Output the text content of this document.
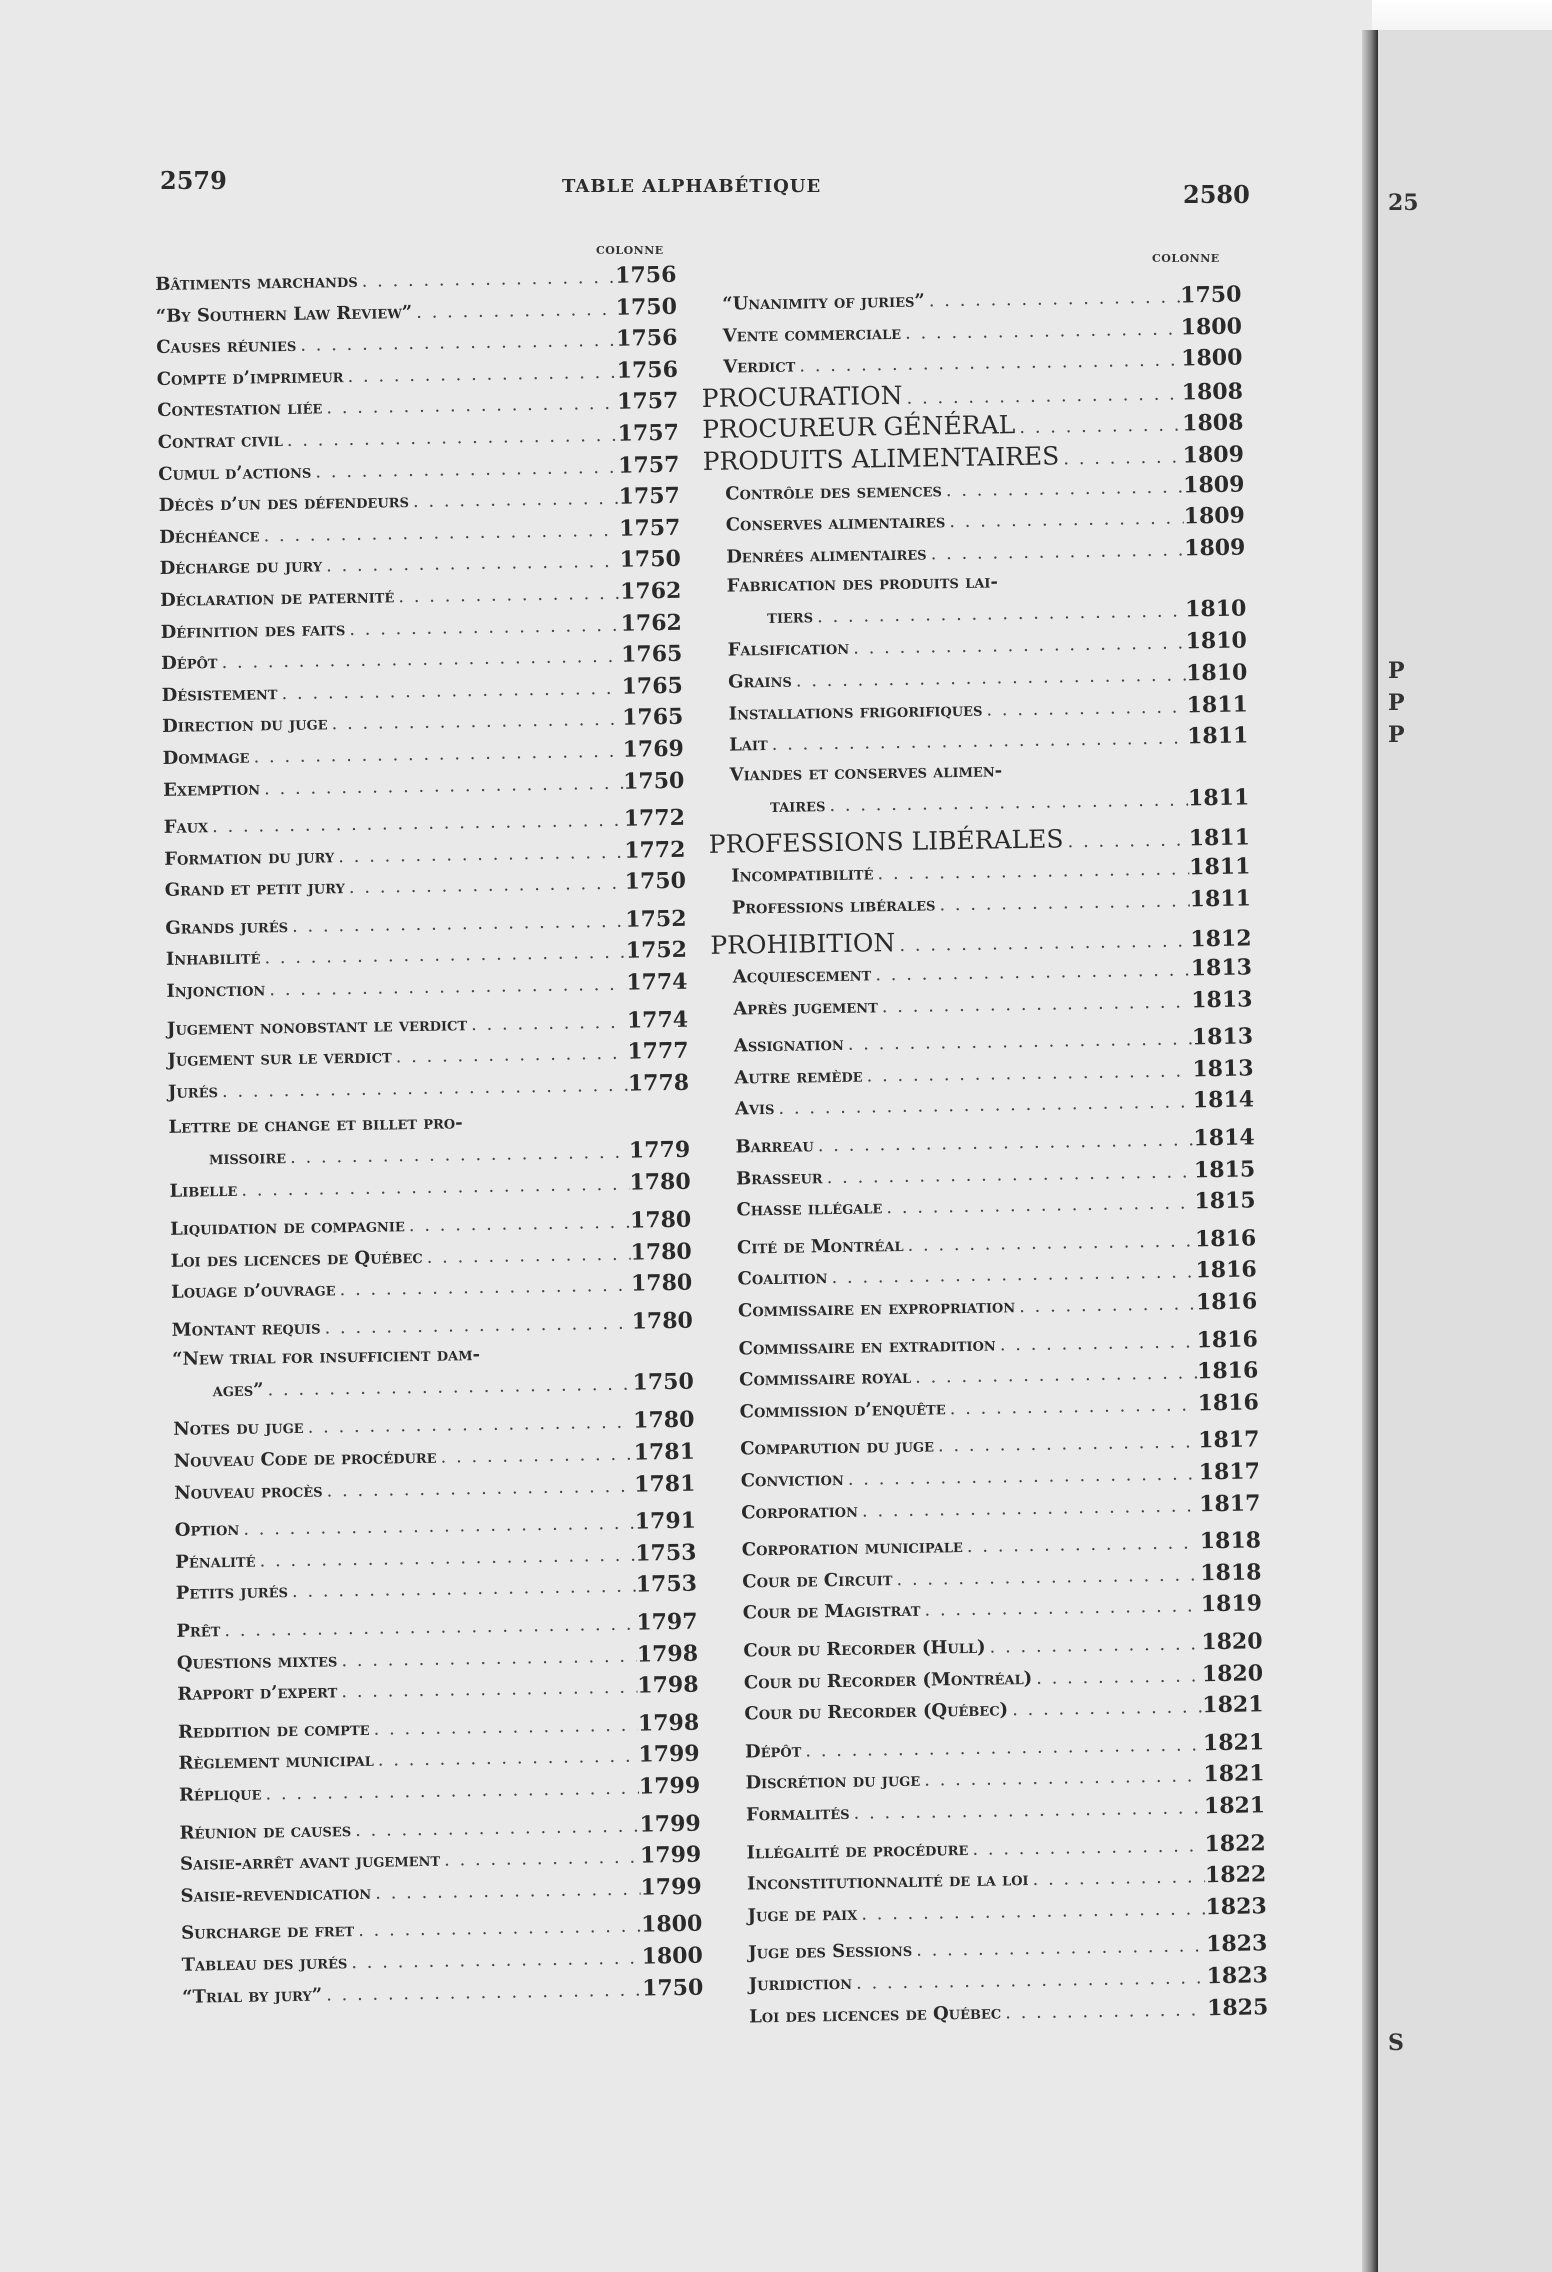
25
P
P
P
S
2579	TABLE ALPHABÉTIQUE	2580
COLONNE
COLONNE
Bâtiments marchands . . .	1756
“By Southern Law Review” . . .	1750
Causes réunies . . .	1756
Compte d’imprimeur . . .	1756
Contestation liée . . .	1757
Contrat civil . . .	1757
Cumul d’actions . . .	1757
Décès d’un des défendeurs . . .	1757
Déchéance . . .	1757
Décharge du jury . . .	1750
Déclaration de paternité . . .	1762
Définition des faits . . .	1762
Dépôt . . .	1765
Désistement . . .	1765
Direction du juge . . .	1765
Dommage . . .	1769
Exemption . . .	1750
Faux . . .	1772
Formation du jury . . .	1772
Grand et petit jury . . .	1750
Grands jurés . . .	1752
Inhabilité . . .	1752
Injonction . . .	1774
Jugement nonobstant le verdict . . .	1774
Jugement sur le verdict . . .	1777
Jurés . . .	1778
Lettre de change et billet pro-
missoire . . .	1779
Libelle . . .	1780
Liquidation de compagnie . . .	1780
Loi des licences de Québec . . .	1780
Louage d’ouvrage . . .	1780
Montant requis . . .	1780
“New trial for insufficient dam-
ages” . . .	1750
Notes du juge . . .	1780
Nouveau Code de procédure . . .	1781
Nouveau procès . . .	1781
Option . . .	1791
Pénalité . . .	1753
Petits jurés . . .	1753
Prêt . . .	1797
Questions mixtes . . .	1798
Rapport d’expert . . .	1798
Reddition de compte . . .	1798
Règlement municipal . . .	1799
Réplique . . .	1799
Réunion de causes . . .	1799
Saisie-arrêt avant jugement . . .	1799
Saisie-revendication . . .	1799
Surcharge de fret . . .	1800
Tableau des jurés . . .	1800
“Trial by jury” . . .	1750
“Unanimity of juries” . . .	1750
Vente commerciale . . .	1800
Verdict . . .	1800
PROCURATION . . .	1808
PROCUREUR GÉNÉRAL . . .	1808
PRODUITS ALIMENTAIRES . . .	1809
Contrôle des semences . . .	1809
Conserves alimentaires . . .	1809
Denrées alimentaires . . .	1809
Fabrication des produits lai-
tiers . . .	1810
Falsification . . .	1810
Grains . . .	1810
Installations frigorifiques . . .	1811
Lait . . .	1811
Viandes et conserves alimen-
taires . . .	1811
PROFESSIONS LIBÉRALES . . .	1811
Incompatibilité . . .	1811
Professions libérales . . .	1811
PROHIBITION . . .	1812
Acquiescement . . .	1813
Après jugement . . .	1813
Assignation . . .	1813
Autre remède . . .	1813
Avis . . .	1814
Barreau . . .	1814
Brasseur . . .	1815
Chasse illégale . . .	1815
Cité de Montréal . . .	1816
Coalition . . .	1816
Commissaire en expropriation . . .	1816
Commissaire en extradition . . .	1816
Commissaire royal . . .	1816
Commission d’enquête . . .	1816
Comparution du juge . . .	1817
Conviction . . .	1817
Corporation . . .	1817
Corporation municipale . . .	1818
Cour de Circuit . . .	1818
Cour de Magistrat . . .	1819
Cour du Recorder (Hull) . . .	1820
Cour du Recorder (Montréal) . . .	1820
Cour du Recorder (Québec) . . .	1821
Dépôt . . .	1821
Discrétion du juge . . .	1821
Formalités . . .	1821
Illégalité de procédure . . .	1822
Inconstitutionnalité de la loi . . .	1822
Juge de paix . . .	1823
Juge des Sessions . . .	1823
Juridiction . . .	1823
Loi des licences de Québec . . .	1825
